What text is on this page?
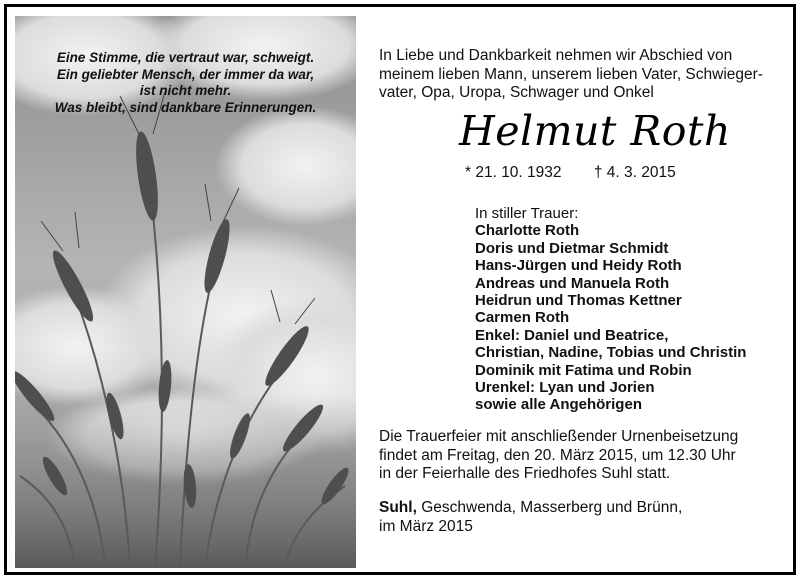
Eine Stimme, die vertraut war, schweigt.
Ein geliebter Mensch, der immer da war,
ist nicht mehr.
Was bleibt, sind dankbare Erinnerungen.
In Liebe und Dankbarkeit nehmen wir Abschied von
meinem lieben Mann, unserem lieben Vater, Schwieger-
vater, Opa, Uropa, Schwager und Onkel
Helmut Roth
* 21. 10. 1932 † 4. 3. 2015
In stiller Trauer:
Charlotte Roth
Doris und Dietmar Schmidt
Hans-Jürgen und Heidy Roth
Andreas und Manuela Roth
Heidrun und Thomas Kettner
Carmen Roth
Enkel: Daniel und Beatrice,
Christian, Nadine, Tobias und Christin
Dominik mit Fatima und Robin
Urenkel: Lyan und Jorien
sowie alle Angehörigen
Die Trauerfeier mit anschließender Urnenbeisetzung
findet am Freitag, den 20. März 2015, um 12.30 Uhr
in der Feierhalle des Friedhofes Suhl statt.
Suhl, Geschwenda, Masserberg und Brünn,
im März 2015
